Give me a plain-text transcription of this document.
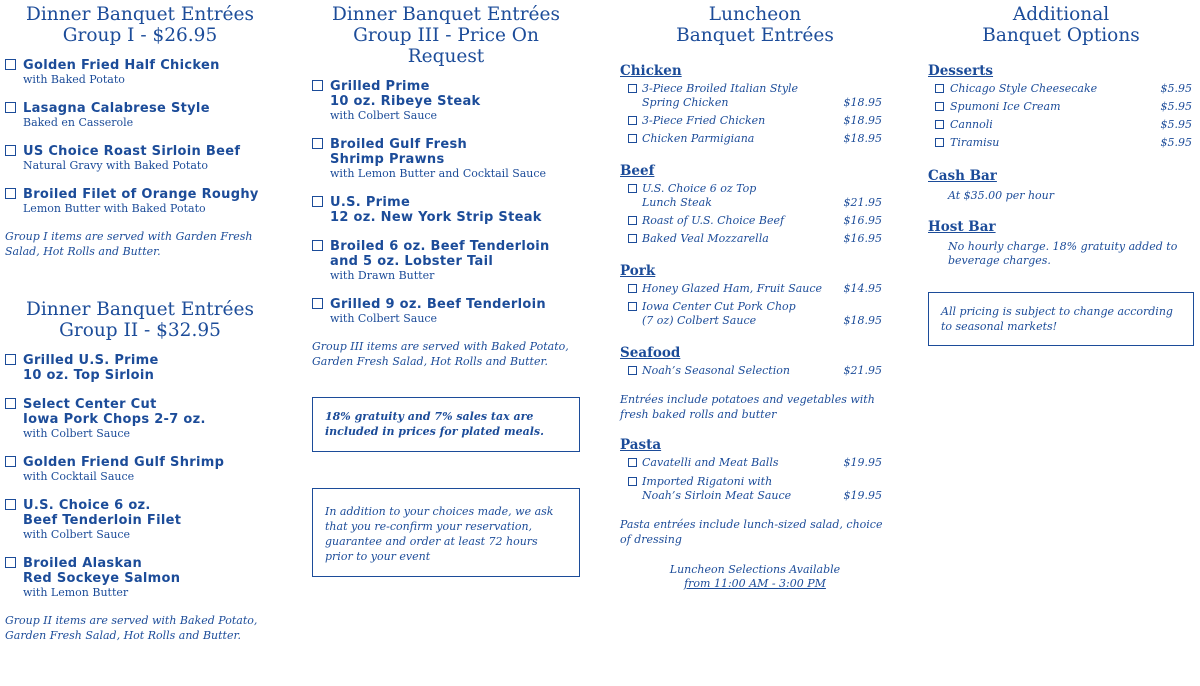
Dinner Banquet Entrées
Group I - $26.95
Golden Fried Half Chicken
with Baked Potato
Lasagna Calabrese Style
Baked en Casserole
US Choice Roast Sirloin Beef
Natural Gravy with Baked Potato
Broiled Filet of Orange Roughy
Lemon Butter with Baked Potato

Group I items are served with Garden Fresh Salad, Hot Rolls and Butter.

Dinner Banquet Entrées
Group II - $32.95
Grilled U.S. Prime
10 oz. Top Sirloin
Select Center Cut
Iowa Pork Chops 2-7 oz.
with Colbert Sauce
Golden Friend Gulf Shrimp
with Cocktail Sauce
U.S. Choice 6 oz.
Beef Tenderloin Filet
with Colbert Sauce
Broiled Alaskan
Red Sockeye Salmon
with Lemon Butter

Group II items are served with Baked Potato, Garden Fresh Salad, Hot Rolls and Butter.

Dinner Banquet Entrées
Group III - Price On Request
Grilled Prime
10 oz. Ribeye Steak
with Colbert Sauce
Broiled Gulf Fresh
Shrimp Prawns
with Lemon Butter and Cocktail Sauce
U.S. Prime
12 oz. New York Strip Steak
Broiled 6 oz. Beef Tenderloin
and 5 oz. Lobster Tail
with Drawn Butter
Grilled 9 oz. Beef Tenderloin
with Colbert Sauce

Group III items are served with Baked Potato, Garden Fresh Salad, Hot Rolls and Butter.

18% gratuity and 7% sales tax are included in prices for plated meals.
In addition to your choices made, we ask that you re-confirm your reservation, guarantee and order at least 72 hours prior to your event
Luncheon
Banquet Entrées
Chicken
3-Piece Broiled Italian Style
Spring Chicken	$18.95
3-Piece Fried Chicken	$18.95
Chicken Parmigiana	$18.95
Beef
U.S. Choice 6 oz Top
Lunch Steak	$21.95
Roast of U.S. Choice Beef	$16.95
Baked Veal Mozzarella	$16.95
Pork
Honey Glazed Ham, Fruit Sauce	$14.95
Iowa Center Cut Pork Chop
(7 oz) Colbert Sauce	$18.95
Seafood
Noah’s Seasonal Selection	$21.95

Entrées include potatoes and vegetables with fresh baked rolls and butter

Pasta
Cavatelli and Meat Balls	$19.95
Imported Rigatoni with
Noah’s Sirloin Meat Sauce	$19.95

Pasta entrées include lunch-sized salad, choice of dressing

Luncheon Selections Available
from 11:00 AM - 3:00 PM
Additional
Banquet Options
Desserts
Chicago Style Cheesecake	$5.95
Spumoni Ice Cream	$5.95
Cannoli	$5.95
Tiramisu	$5.95
Cash Bar

At $35.00 per hour

Host Bar

No hourly charge. 18% gratuity added to beverage charges.

All pricing is subject to change according to seasonal markets!
